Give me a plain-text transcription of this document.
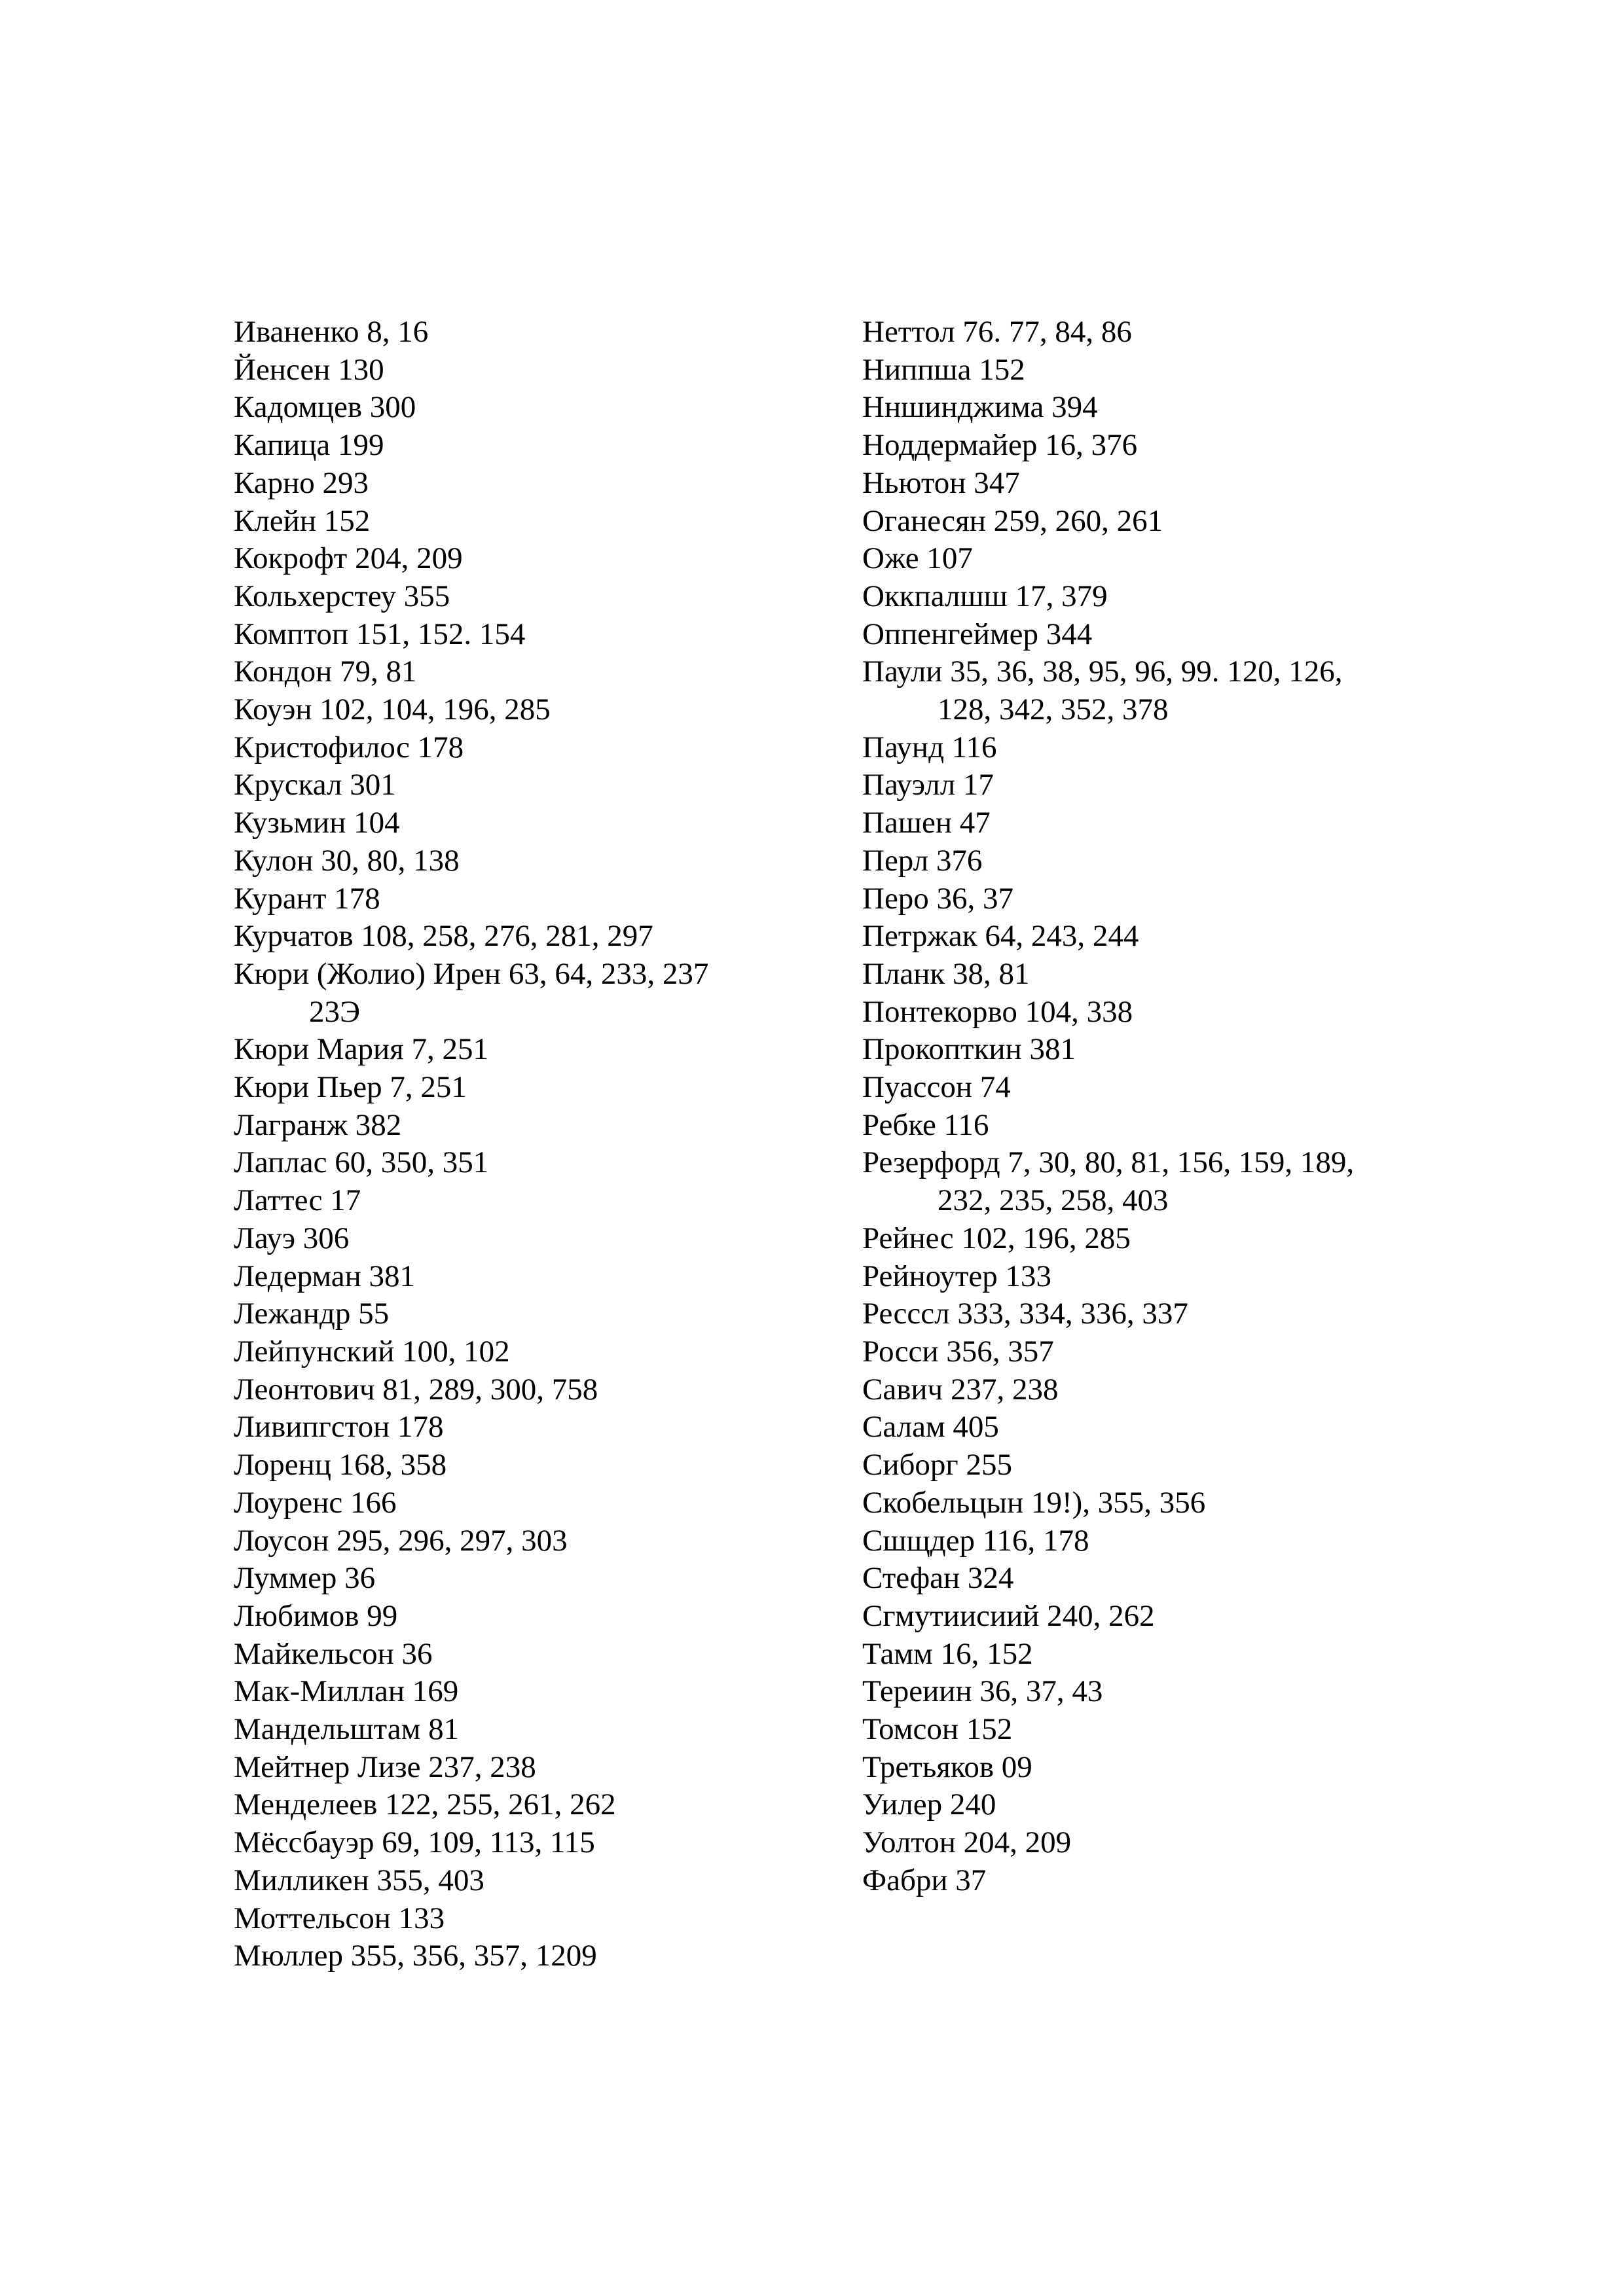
Иваненко 8, 16
Йенсен 130
Кадомцев 300
Капица 199
Карно 293
Клейн 152
Кокрофт 204, 209
Кольхерстеу 355
Комптоп 151, 152. 154
Кондон 79, 81
Коуэн 102, 104, 196, 285
Кристофилос 178
Крускал 301
Кузьмин 104
Кулон 30, 80, 138
Курант 178
Курчатов 108, 258, 276, 281, 297
Кюри (Жолио) Ирен 63, 64, 233, 237
23Э
Кюри Мария 7, 251
Кюри Пьер 7, 251
Лагранж 382
Лаплас 60, 350, 351
Латтес 17
Лауэ 306
Ледерман 381
Лежандр 55
Лейпунский 100, 102
Леонтович 81, 289, 300, 758
Ливипгстон 178
Лоренц 168, 358
Лоуренс 166
Лоусон 295, 296, 297, 303
Луммер 36
Любимов 99
Майкельсон 36
Мак-Миллан 169
Мандельштам 81
Мейтнер Лизе 237, 238
Менделеев 122, 255, 261, 262
Мёссбауэр 69, 109, 113, 115
Милликен 355, 403
Моттельсон 133
Мюллер 355, 356, 357, 1209
Неттол 76. 77, 84, 86
Ниппша 152
Нншинджима 394
Ноддермайер 16, 376
Ньютон 347
Оганесян 259, 260, 261
Оже 107
Оккпалшш 17, 379
Оппенгеймер 344
Паули 35, 36, 38, 95, 96, 99. 120, 126,
128, 342, 352, 378
Паунд 116
Пауэлл 17
Пашен 47
Перл 376
Перо 36, 37
Петржак 64, 243, 244
Планк 38, 81
Понтекорво 104, 338
Прокопткин 381
Пуассон 74
Ребке 116
Резерфорд 7, 30, 80, 81, 156, 159, 189,
232, 235, 258, 403
Рейнес 102, 196, 285
Рейноутер 133
Ресссл 333, 334, 336, 337
Росси 356, 357
Савич 237, 238
Салам 405
Сиборг 255
Скобельцын 19!), 355, 356
Сшщдер 116, 178
Стефан 324
Сгмутиисиий 240, 262
Тамм 16, 152
Тереиин 36, 37, 43
Томсон 152
Третьяков 09
Уилер 240
Уолтон 204, 209
Фабри 37
